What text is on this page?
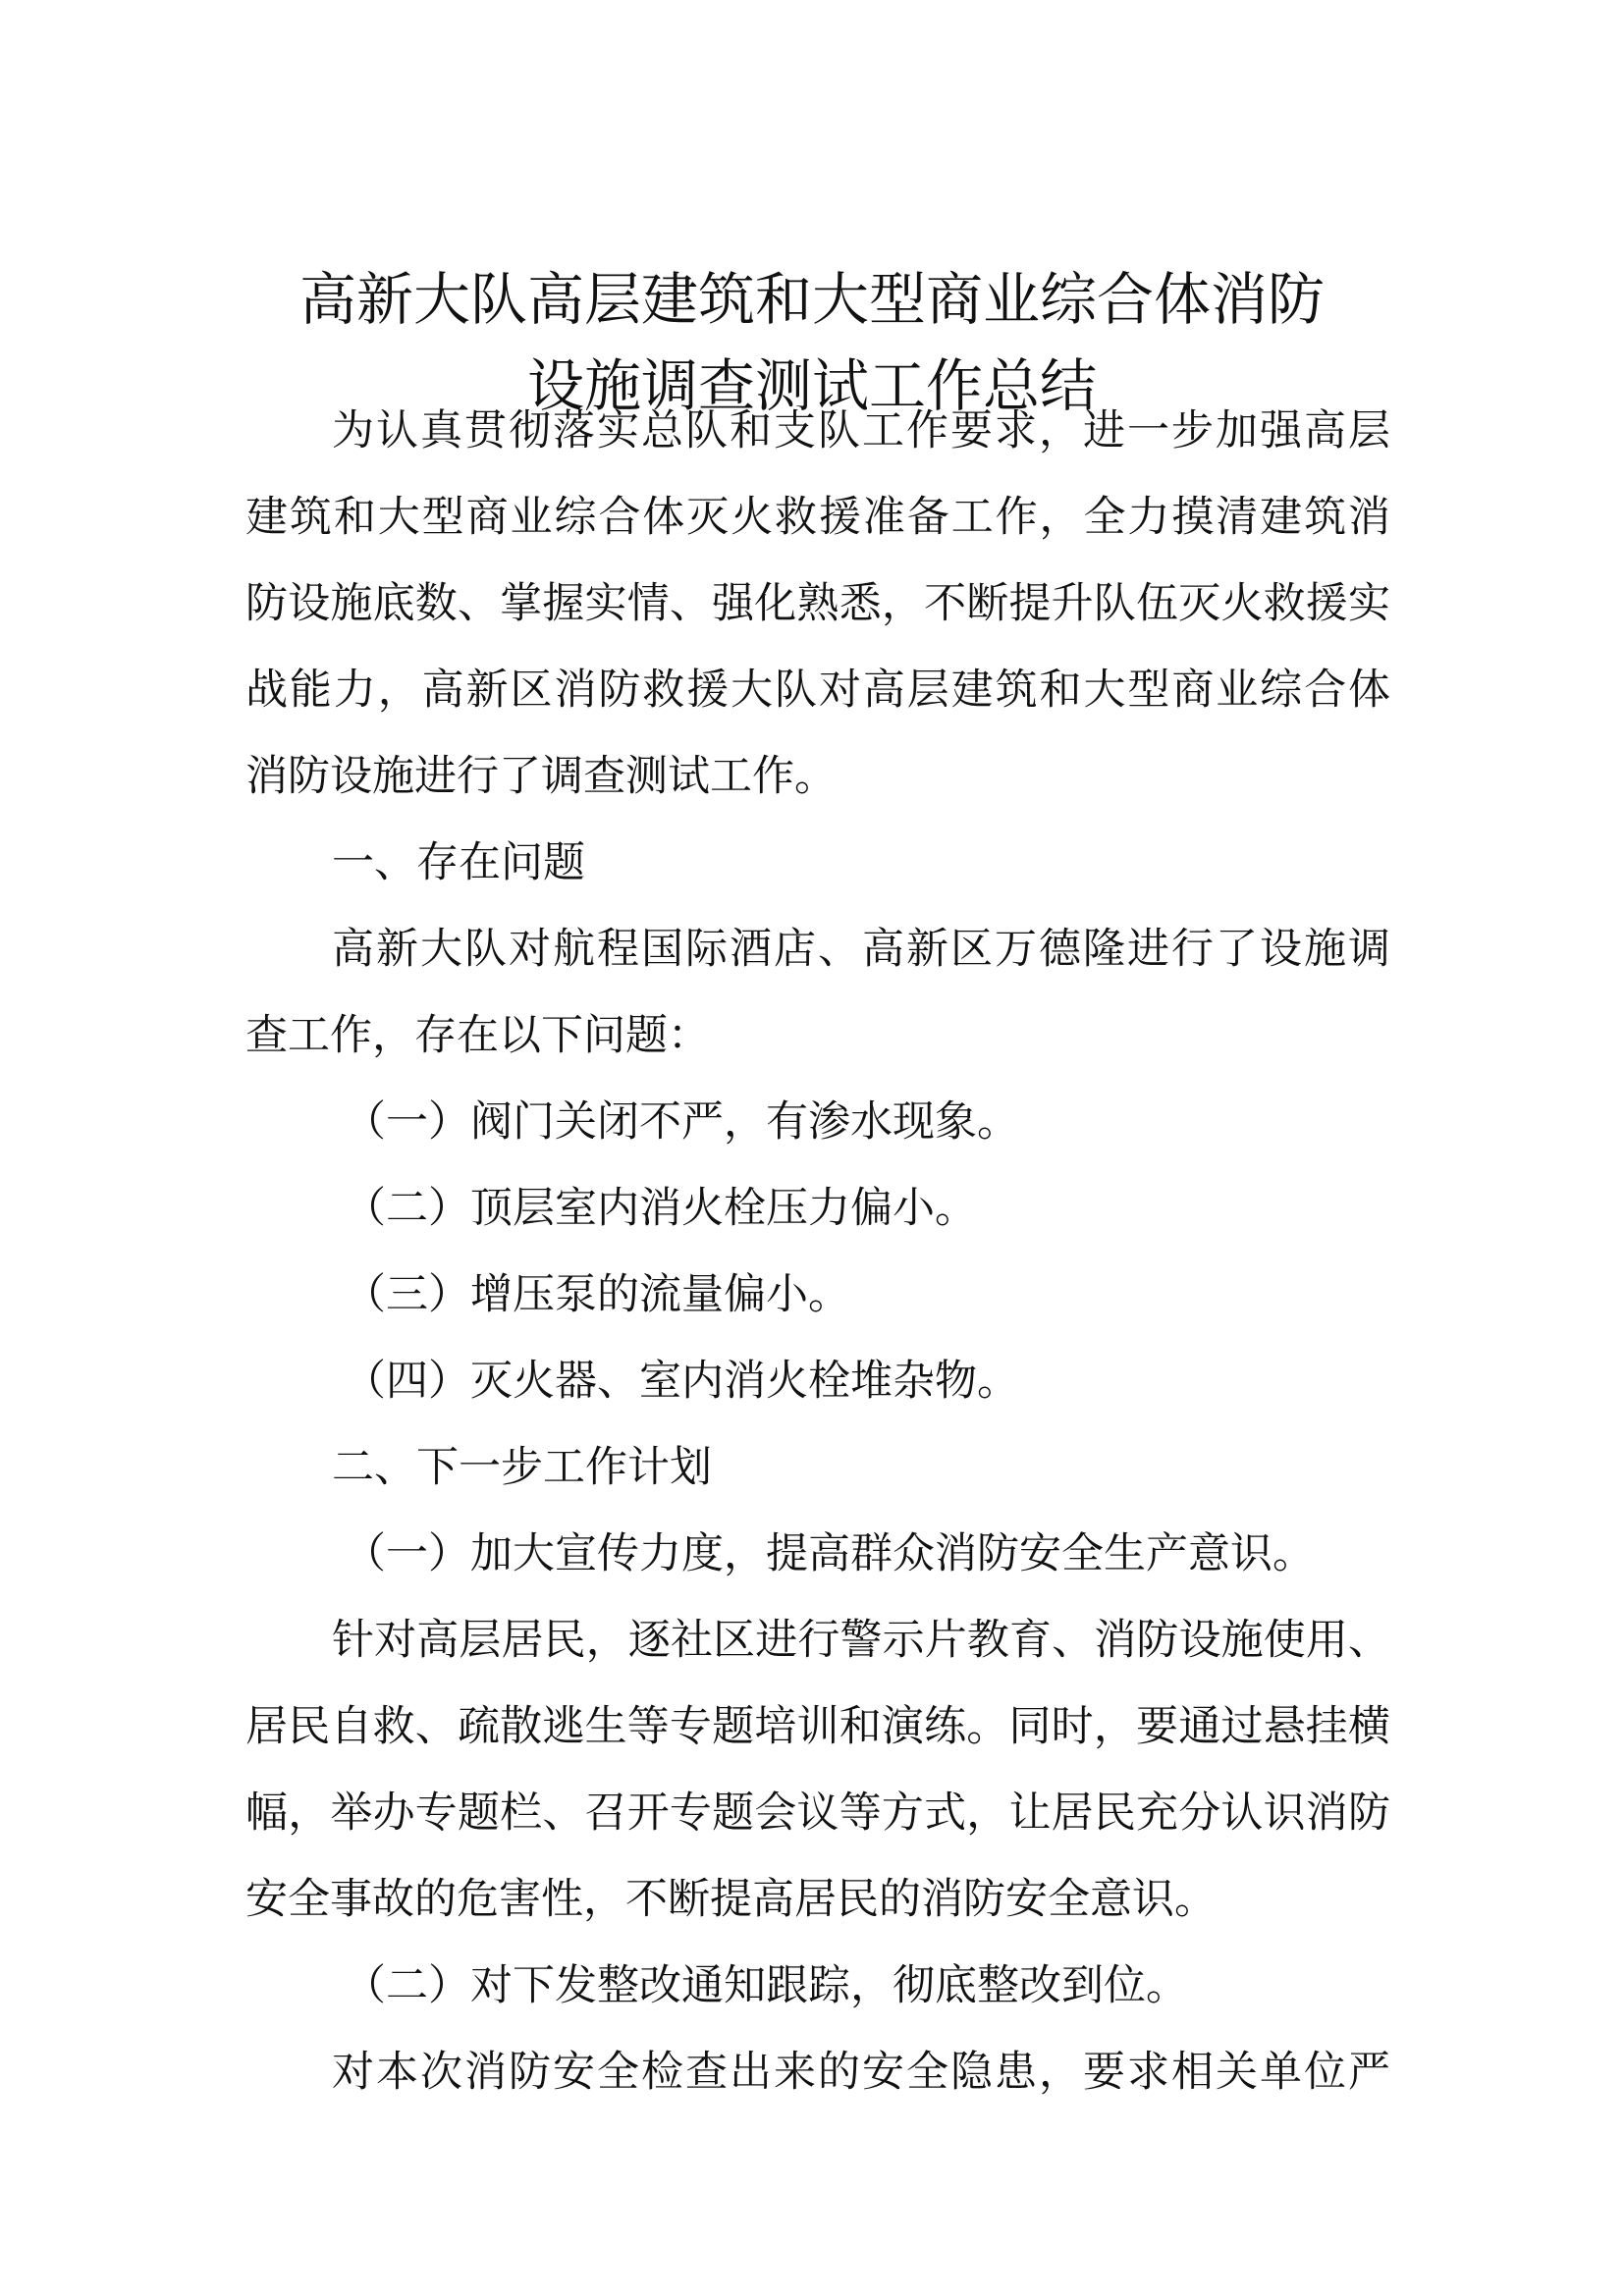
高新大队高层建筑和大型商业综合体消防
设施调查测试工作总结
为认真贯彻落实总队和支队工作要求，进一步加强高层
建筑和大型商业综合体灭火救援准备工作，全力摸清建筑消
防设施底数、掌握实情、强化熟悉，不断提升队伍灭火救援实
战能力，高新区消防救援大队对高层建筑和大型商业综合体
消防设施进行了调查测试工作。
一、存在问题
高新大队对航程国际酒店、高新区万德隆进行了设施调
查工作，存在以下问题：
（一）阀门关闭不严，有渗水现象。
（二）顶层室内消火栓压力偏小。
（三）增压泵的流量偏小。
（四）灭火器、室内消火栓堆杂物。
二、下一步工作计划
（一）加大宣传力度，提高群众消防安全生产意识。
针对高层居民，逐社区进行警示片教育、消防设施使用、
居民自救、疏散逃生等专题培训和演练。同时，要通过悬挂横
幅，举办专题栏、召开专题会议等方式，让居民充分认识消防
安全事故的危害性，不断提高居民的消防安全意识。
（二）对下发整改通知跟踪，彻底整改到位。
对本次消防安全检查出来的安全隐患，要求相关单位严
